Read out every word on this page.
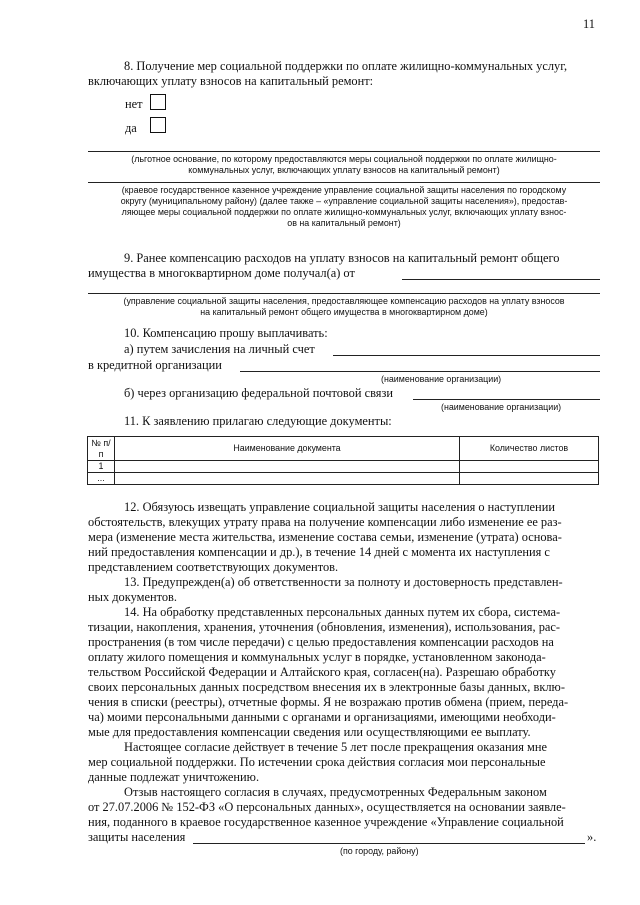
11
8. Получение мер социальной поддержки по оплате жилищно-коммунальных услуг,
включающих уплату взносов на капитальный ремонт:
нет
да
(льготное основание, по которому предоставляются меры социальной поддержки по оплате жилищно-
коммунальных услуг, включающих уплату взносов на капитальный ремонт)
(краевое государственное казенное учреждение управление социальной защиты населения по городскому
округу (муниципальному району) (далее также – «управление социальной защиты населения»), предостав-
ляющее меры социальной поддержки по оплате жилищно-коммунальных услуг, включающих уплату взнос-
ов на капитальный ремонт)
9. Ранее компенсацию расходов на уплату взносов на капитальный ремонт общего
имущества в многоквартирном доме получал(а) от
(управление социальной защиты населения, предоставляющее компенсацию расходов на уплату взносов
на капитальный ремонт общего имущества в многоквартирном доме)
10. Компенсацию прошу выплачивать:
а) путем зачисления на личный счет
в кредитной организации
(наименование организации)
б) через организацию федеральной почтовой связи
(наименование организации)
11. К заявлению прилагаю следующие документы:
№ п/п	Наименование документа	Количество листов
1		
...		
12. Обязуюсь извещать управление социальной защиты населения о наступлении
обстоятельств, влекущих утрату права на получение компенсации либо изменение ее раз-
мера (изменение места жительства, изменение состава семьи, изменение (утрата) основа-
ний предоставления компенсации и др.), в течение 14 дней с момента их наступления с
представлением соответствующих документов.
13. Предупрежден(а) об ответственности за полноту и достоверность представлен-
ных документов.
14. На обработку представленных персональных данных путем их сбора, система-
тизации, накопления, хранения, уточнения (обновления, изменения), использования, рас-
пространения (в том числе передачи) с целью предоставления компенсации расходов на
оплату жилого помещения и коммунальных услуг в порядке, установленном законода-
тельством Российской Федерации и Алтайского края, согласен(на). Разрешаю обработку
своих персональных данных посредством внесения их в электронные базы данных, вклю-
чения в списки (реестры), отчетные формы. Я не возражаю против обмена (прием, переда-
ча) моими персональными данными с органами и организациями, имеющими необходи-
мые для предоставления компенсации сведения или осуществляющими ее выплату.
Настоящее согласие действует в течение 5 лет после прекращения оказания мне
мер социальной поддержки. По истечении срока действия согласия мои персональные
данные подлежат уничтожению.
Отзыв настоящего согласия в случаях, предусмотренных Федеральным законом
от 27.07.2006 № 152-ФЗ «О персональных данных», осуществляется на основании заявле-
ния, поданного в краевое государственное казенное учреждение «Управление социальной
защиты населения	».
(по городу, району)
